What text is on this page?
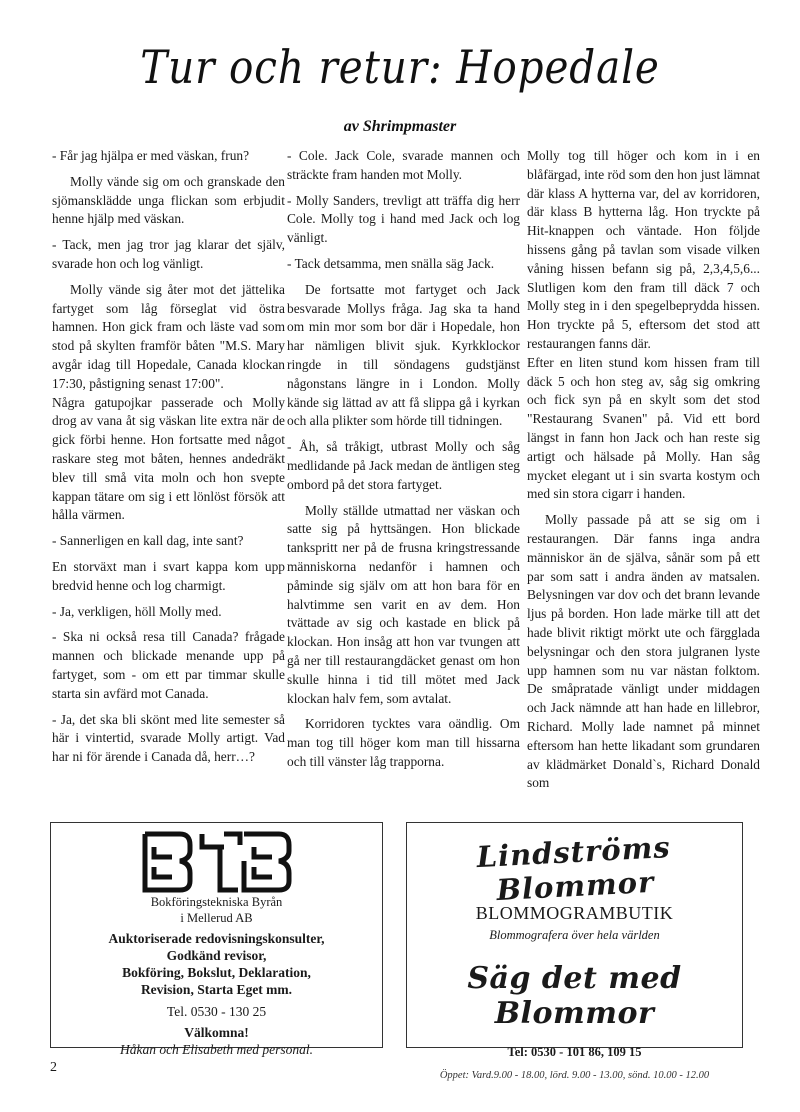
Tur och retur: Hopedale
av Shrimpmaster

- Får jag hjälpa er med väskan, frun?

Molly vände sig om och granskade den sjömansklädde unga flickan som erbjudit henne hjälp med väskan.

- Tack, men jag tror jag klarar det själv, svarade hon och log vänligt.

Molly vände sig åter mot det jättelika fartyget som låg förseglat vid östra hamnen. Hon gick fram och läste vad som stod på skylten framför båten "M.S. Mary avgår idag till Hopedale, Canada klockan 17:30, påstigning senast 17:00".

Några gatupojkar passerade och Molly drog av vana åt sig väskan lite extra när de gick förbi henne. Hon fortsatte med något raskare steg mot båten, hennes andedräkt blev till små vita moln och hon svepte kappan tätare om sig i ett lönlöst försök att hålla värmen.

- Sannerligen en kall dag, inte sant?

En storväxt man i svart kappa kom upp bredvid henne och log charmigt.

- Ja, verkligen, höll Molly med.

- Ska ni också resa till Canada? frågade mannen och blickade menande upp på fartyget, som - om ett par timmar skulle starta sin avfärd mot Canada.

- Ja, det ska bli skönt med lite semester så här i vintertid, svarade Molly artigt. Vad har ni för ärende i Canada då, herr…?

- Cole. Jack Cole, svarade mannen och sträckte fram handen mot Molly.

- Molly Sanders, trevligt att träffa dig herr Cole. Molly tog i hand med Jack och log vänligt.

- Tack detsamma, men snälla säg Jack.

De fortsatte mot fartyget och Jack besvarade Mollys fråga. Jag ska ta hand om min mor som bor där i Hopedale, hon har nämligen blivit sjuk. Kyrkklockor ringde in till söndagens gudstjänst någonstans längre in i London. Molly kände sig lättad av att få slippa gå i kyrkan och alla plikter som hörde till tidningen.

- Åh, så tråkigt, utbrast Molly och såg medlidande på Jack medan de äntligen steg ombord på det stora fartyget.

Molly ställde utmattad ner väskan och satte sig på hyttsängen. Hon blickade tankspritt ner på de frusna kringstressande människorna nedanför i hamnen och påminde sig själv om att hon bara för en halvtimme sen varit en av dem. Hon tvättade av sig och kastade en blick på klockan. Hon insåg att hon var tvungen att gå ner till restaurangdäcket genast om hon skulle hinna i tid till mötet med Jack klockan halv fem, som avtalat.

Korridoren tycktes vara oändlig. Om man tog till höger kom man till hissarna och till vänster låg trapporna.

Molly tog till höger och kom in i en blåfärgad, inte röd som den hon just lämnat där klass A hytterna var, del av korridoren, där klass B hytterna låg. Hon tryckte på Hit-knappen och väntade. Hon följde hissens gång på tavlan som visade vilken våning hissen befann sig på, 2,3,4,5,6... Slutligen kom den fram till däck 7 och Molly steg in i den spegelbeprydda hissen. Hon tryckte på 5, eftersom det stod att restaurangen fanns där.

Efter en liten stund kom hissen fram till däck 5 och hon steg av, såg sig omkring och fick syn på en skylt som det stod "Restaurang Svanen" på. Vid ett bord längst in fann hon Jack och han reste sig artigt och hälsade på Molly. Han såg mycket elegant ut i sin svarta kostym och med sin stora cigarr i handen.

Molly passade på att se sig om i restaurangen. Där fanns inga andra människor än de själva, sånär som på ett par som satt i andra änden av matsalen. Belysningen var dov och det brann levande ljus på borden. Hon lade märke till att det hade blivit riktigt mörkt ute och färgglada belysningar och den stora julgranen lyste upp hamnen som nu var nästan folktom. De småpratade vänligt under middagen och Jack nämnde att han hade en lillebror, Richard. Molly lade namnet på minnet eftersom han hette likadant som grundaren av klädmärket Donald`s, Richard Donald som

Bokföringstekniska Byrån
i Mellerud AB
Auktoriserade redovisningskonsulter,
Godkänd revisor,
Bokföring, Bokslut, Deklaration,
Revision, Starta Eget mm.
Tel. 0530 - 130 25
Välkomna!
Håkan och Elisabeth med personal.
Lindströms Blommor
BLOMMOGRAMBUTIK
Blommografera över hela världen
Säg det med Blommor
Tel: 0530 - 101 86, 109 15
Öppet: Vard.9.00 - 18.00, lörd. 9.00 - 13.00, sönd. 10.00 - 12.00
2
